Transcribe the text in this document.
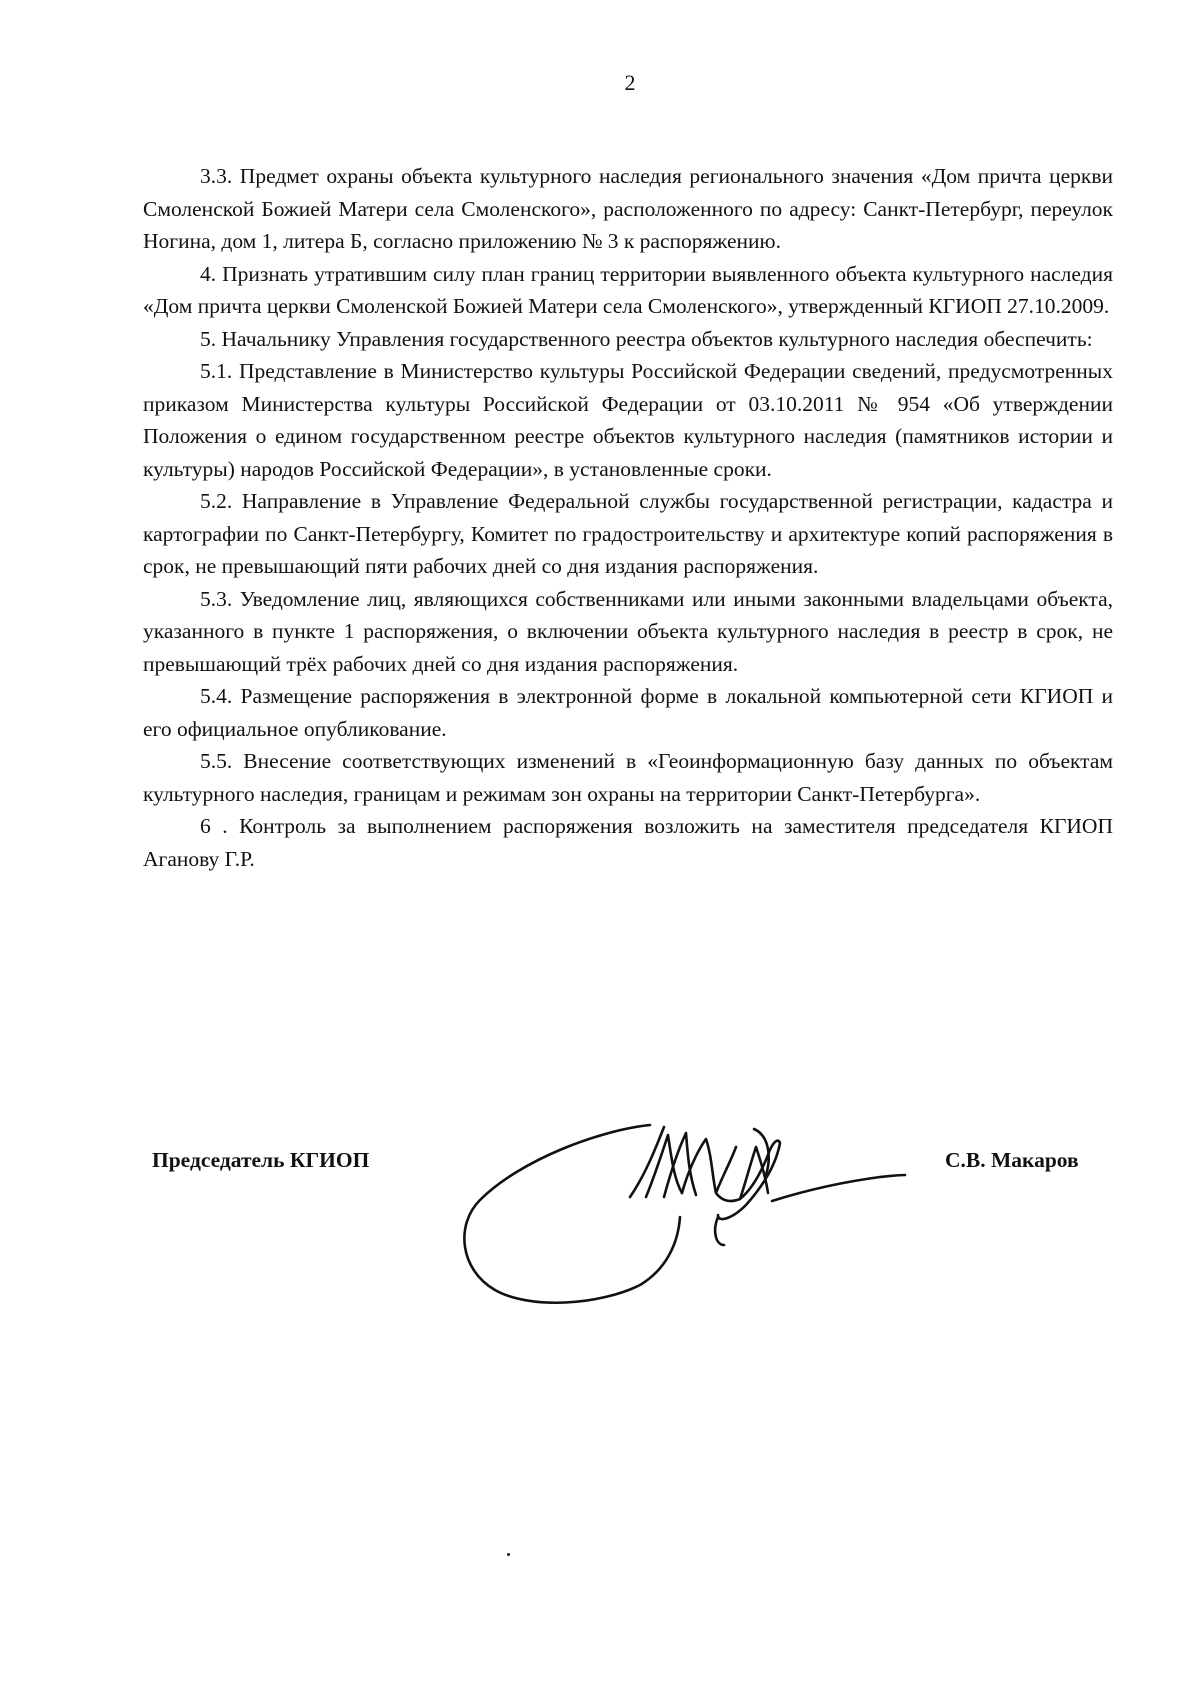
2

3.3. Предмет охраны объекта культурного наследия регионального значения «Дом причта церкви Смоленской Божией Матери села Смоленского», расположенного по адресу: Санкт-Петербург, переулок Ногина, дом 1, литера Б, согласно приложению № 3 к распоряжению.

4. Признать утратившим силу план границ территории выявленного объекта культурного наследия «Дом причта церкви Смоленской Божией Матери села Смоленского», утвержденный КГИОП 27.10.2009.

5. Начальнику Управления государственного реестра объектов культурного наследия обеспечить:

5.1. Представление в Министерство культуры Российской Федерации сведений, предусмотренных приказом Министерства культуры Российской Федерации от 03.10.2011 № 954 «Об утверждении Положения о едином государственном реестре объектов культурного наследия (памятников истории и культуры) народов Российской Федерации», в установленные сроки.

5.2. Направление в Управление Федеральной службы государственной регистрации, кадастра и картографии по Санкт-Петербургу, Комитет по градостроительству и архитектуре копий распоряжения в срок, не превышающий пяти рабочих дней со дня издания распоряжения.

5.3. Уведомление лиц, являющихся собственниками или иными законными владельцами объекта, указанного в пункте 1 распоряжения, о включении объекта культурного наследия в реестр в срок, не превышающий трёх рабочих дней со дня издания распоряжения.

5.4. Размещение распоряжения в электронной форме в локальной компьютерной сети КГИОП и его официальное опубликование.

5.5. Внесение соответствующих изменений в «Геоинформационную базу данных по объектам культурного наследия, границам и режимам зон охраны на территории Санкт-Петербурга».

6 . Контроль за выполнением распоряжения возложить на заместителя председателя КГИОП Аганову Г.Р.

Председатель КГИОП	С.В. Макаров
